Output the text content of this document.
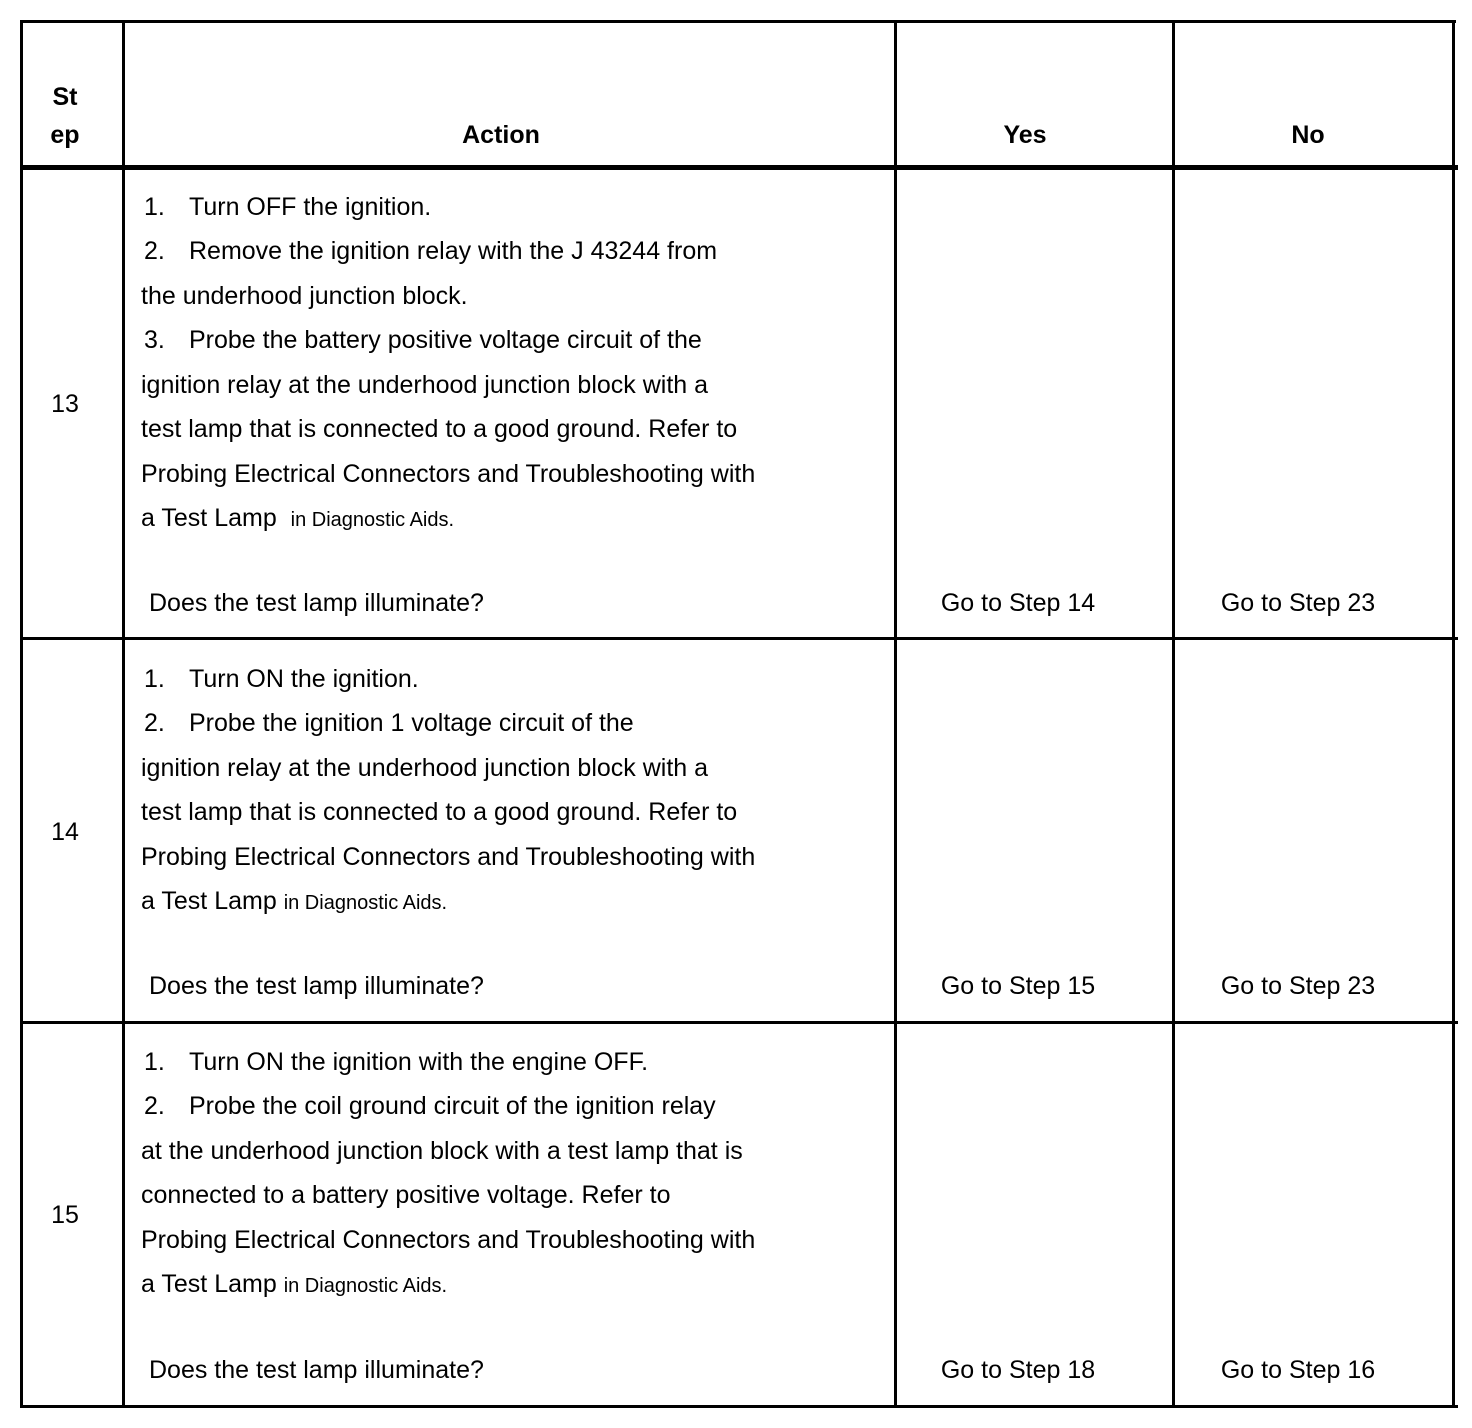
St
ep	Action	Yes	No
13
1. Turn OFF the ignition.
2. Remove the ignition relay with the J 43244 from
the underhood junction block.
3. Probe the battery positive voltage circuit of the
ignition relay at the underhood junction block with a
test lamp that is connected to a good ground. Refer to
Probing Electrical Connectors and Troubleshooting with
a Test Lamp in Diagnostic Aids.
Does the test lamp illuminate?	Go to Step 14	Go to Step 23
14
1. Turn ON the ignition.
2. Probe the ignition 1 voltage circuit of the
ignition relay at the underhood junction block with a
test lamp that is connected to a good ground. Refer to
Probing Electrical Connectors and Troubleshooting with
a Test Lamp in Diagnostic Aids.
Does the test lamp illuminate?	Go to Step 15	Go to Step 23
15
1. Turn ON the ignition with the engine OFF.
2. Probe the coil ground circuit of the ignition relay
at the underhood junction block with a test lamp that is
connected to a battery positive voltage. Refer to
Probing Electrical Connectors and Troubleshooting with
a Test Lamp in Diagnostic Aids.
Does the test lamp illuminate?	Go to Step 18	Go to Step 16
